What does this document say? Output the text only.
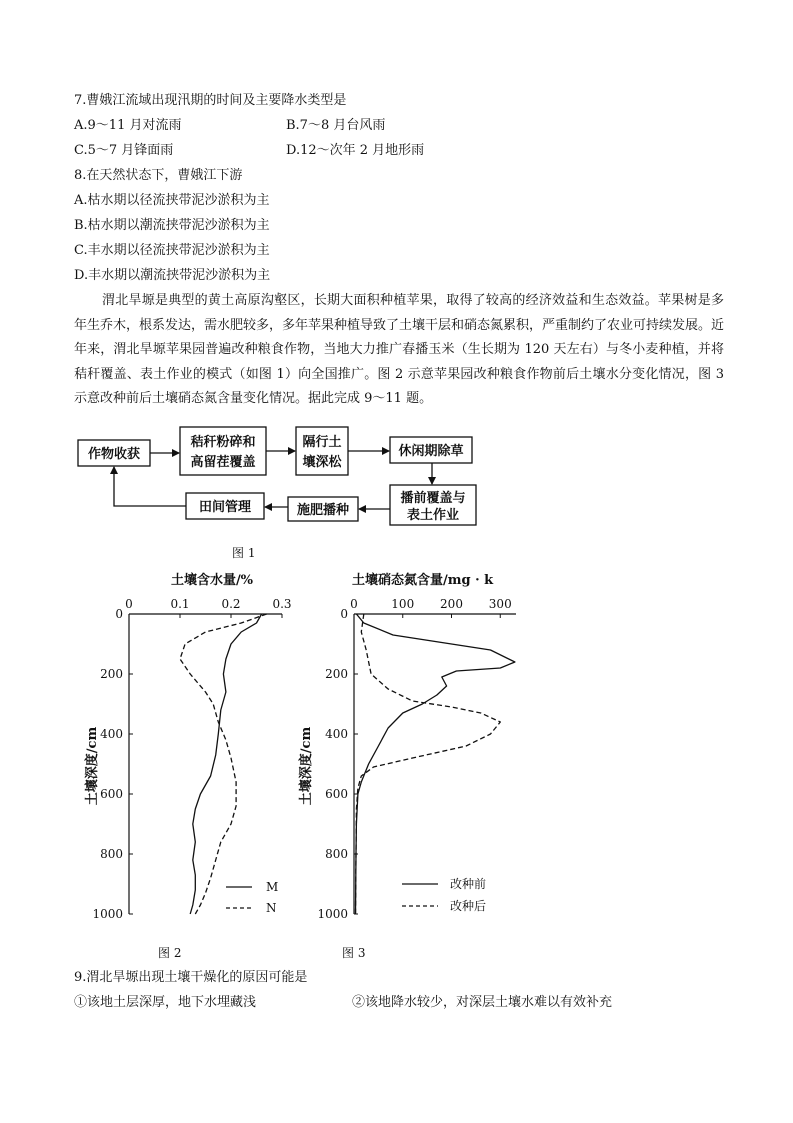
7.曹娥江流域出现汛期的时间及主要降水类型是
A.9～11 月对流雨	B.7～8 月台风雨
C.5～7 月锋面雨	D.12～次年 2 月地形雨
8.在天然状态下，曹娥江下游
A.枯水期以径流挟带泥沙淤积为主
B.枯水期以潮流挟带泥沙淤积为主
C.丰水期以径流挟带泥沙淤积为主
D.丰水期以潮流挟带泥沙淤积为主

渭北旱塬是典型的黄土高原沟壑区，长期大面积种植苹果，取得了较高的经济效益和生态效益。苹果树是多年生乔木，根系发达，需水肥较多，多年苹果种植导致了土壤干层和硝态氮累积，严重制约了农业可持续发展。近年来，渭北旱塬苹果园普遍改种粮食作物，当地大力推广春播玉米（生长期为 120 天左右）与冬小麦种植，并将秸秆覆盖、表土作业的模式（如图 1）向全国推广。图 2 示意苹果园改种粮食作物前后土壤水分变化情况，图 3 示意改种前后土壤硝态氮含量变化情况。据此完成 9～11 题。

作物收获
秸秆粉碎和
高留茬覆盖
隔行土
壤深松
休闲期除草
播前覆盖与
表土作业
施肥播种
田间管理
图 1
土壤含水量/%
0	0.1	0.2	0.3
0
200
400
600
800
1000
土壤深度/cm
M
N
图 2
土壤硝态氮含量/mg · k
0	100 200 300
0
200
400
600
800
1000
土壤深度/cm
改种前
改种后
图 3
9.渭北旱塬出现土壤干燥化的原因可能是
①该地土层深厚，地下水埋藏浅	②该地降水较少，对深层土壤水难以有效补充
